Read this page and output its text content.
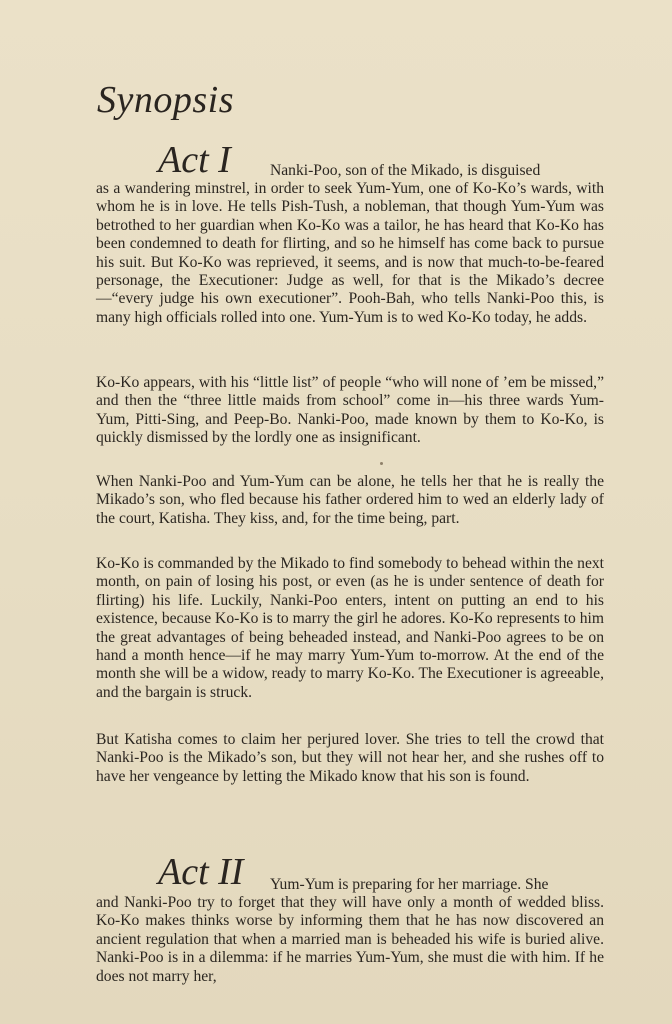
Synopsis
Act I	Nanki-Poo, son of the Mikado, is disguised

as a wandering minstrel, in order to seek Yum-Yum, one of Ko-Ko’s wards, with whom he is in love. He tells Pish-Tush, a nobleman, that though Yum-Yum was betrothed to her guardian when Ko-Ko was a tailor, he has heard that Ko-Ko has been condemned to death for flirting, and so he himself has come back to pursue his suit. But Ko-Ko was reprieved, it seems, and is now that much-to-be-feared personage, the Executioner: Judge as well, for that is the Mikado’s decree—“every judge his own executioner”. Pooh-Bah, who tells Nanki-Poo this, is many high officials rolled into one. Yum-Yum is to wed Ko-Ko today, he adds.

Ko-Ko appears, with his “little list” of people “who will none of ’em be missed,” and then the “three little maids from school” come in—his three wards Yum-Yum, Pitti-Sing, and Peep-Bo. Nanki-Poo, made known by them to Ko-Ko, is quickly dismissed by the lordly one as insignificant.

When Nanki-Poo and Yum-Yum can be alone, he tells her that he is really the Mikado’s son, who fled because his father ordered him to wed an elderly lady of the court, Katisha. They kiss, and, for the time being, part.

Ko-Ko is commanded by the Mikado to find somebody to behead within the next month, on pain of losing his post, or even (as he is under sentence of death for flirting) his life. Luckily, Nanki-Poo enters, intent on putting an end to his existence, because Ko-Ko is to marry the girl he adores. Ko-Ko represents to him the great advantages of being beheaded instead, and Nanki-Poo agrees to be on hand a month hence—if he may marry Yum-Yum to-morrow. At the end of the month she will be a widow, ready to marry Ko-Ko. The Executioner is agreeable, and the bargain is struck.

But Katisha comes to claim her perjured lover. She tries to tell the crowd that Nanki-Poo is the Mikado’s son, but they will not hear her, and she rushes off to have her vengeance by letting the Mikado know that his son is found.

Act II Yum-Yum is preparing for her marriage. She

and Nanki-Poo try to forget that they will have only a month of wedded bliss. Ko-Ko makes thinks worse by informing them that he has now discovered an ancient regulation that when a married man is beheaded his wife is buried alive. Nanki-Poo is in a dilemma: if he marries Yum-Yum, she must die with him. If he does not marry her,
